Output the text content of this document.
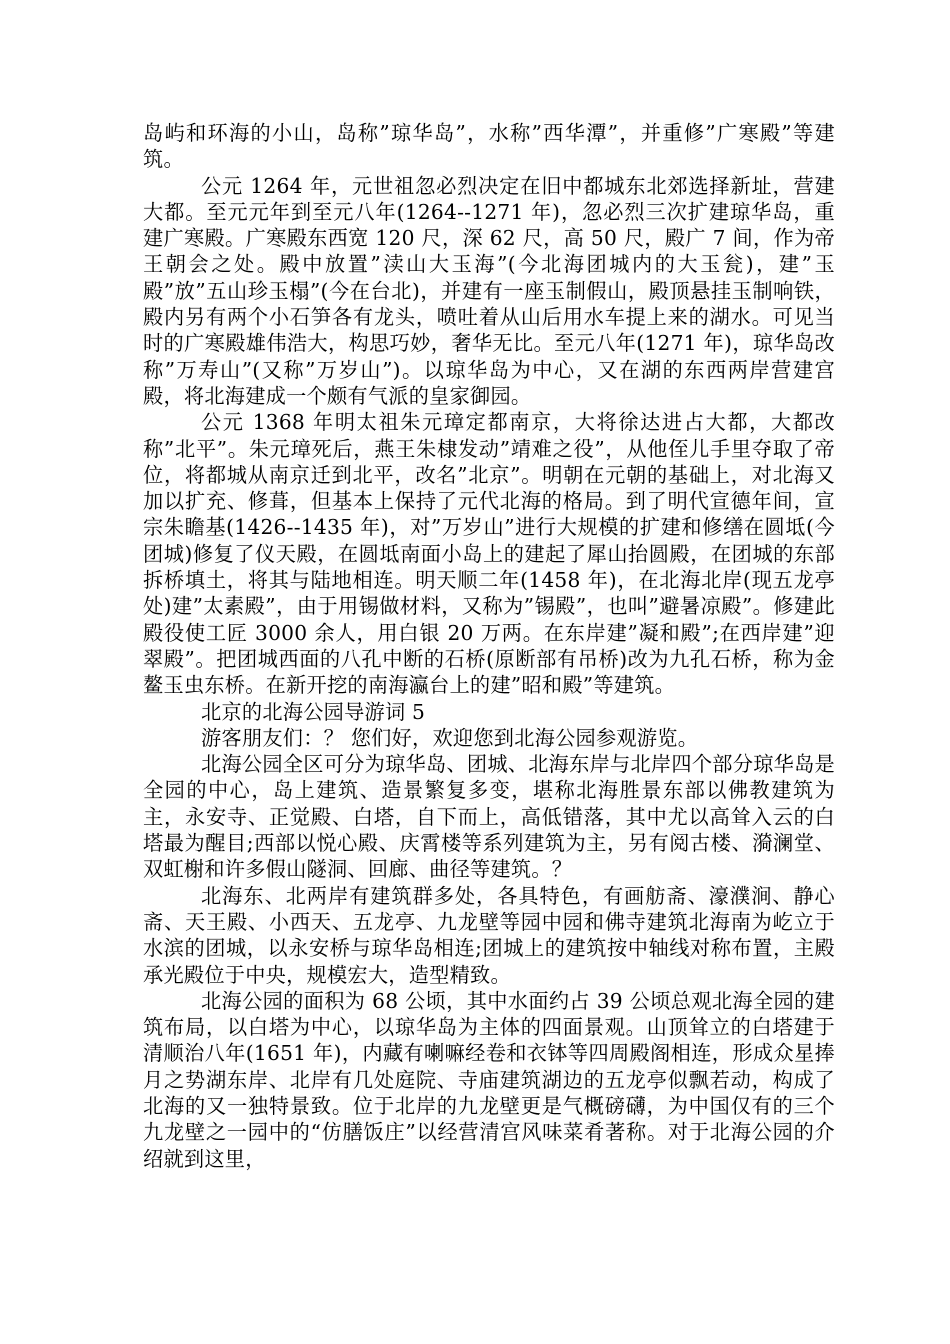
岛屿和环海的小山，岛称”琼华岛”，水称”西华潭”，并重修”广寒殿”等建筑。

公元 1264 年，元世祖忽必烈决定在旧中都城东北郊选择新址，营建大都。至元元年到至元八年(1264--1271 年)，忽必烈三次扩建琼华岛，重建广寒殿。广寒殿东西宽 120 尺，深 62 尺，高 50 尺，殿广 7 间，作为帝王朝会之处。殿中放置”渎山大玉海”(今北海团城内的大玉瓮)，建”玉殿”放”五山珍玉榻”(今在台北)，并建有一座玉制假山，殿顶悬挂玉制响铁，殿内另有两个小石笋各有龙头，喷吐着从山后用水车提上来的湖水。可见当时的广寒殿雄伟浩大，构思巧妙，奢华无比。至元八年(1271 年)，琼华岛改称”万寿山”(又称”万岁山”)。以琼华岛为中心，又在湖的东西两岸营建宫殿，将北海建成一个颇有气派的皇家御园。

公元 1368 年明太祖朱元璋定都南京，大将徐达进占大都，大都改称”北平”。朱元璋死后，燕王朱棣发动”靖难之役”，从他侄儿手里夺取了帝位，将都城从南京迁到北平，改名”北京”。明朝在元朝的基础上，对北海又加以扩充、修葺，但基本上保持了元代北海的格局。到了明代宣德年间，宣宗朱瞻基(1426--1435 年)，对”万岁山”进行大规模的扩建和修缮在圆坻(今团城)修复了仪天殿，在圆坻南面小岛上的建起了犀山抬圆殿，在团城的东部拆桥填土，将其与陆地相连。明天顺二年(1458 年)，在北海北岸(现五龙亭处)建”太素殿”，由于用锡做材料，又称为”锡殿”，也叫”避暑凉殿”。修建此殿役使工匠 3000 余人，用白银 20 万两。在东岸建”凝和殿”;在西岸建”迎翠殿”。把团城西面的八孔中断的石桥(原断部有吊桥)改为九孔石桥，称为金鳌玉虫东桥。在新开挖的南海瀛台上的建”昭和殿”等建筑。

北京的北海公园导游词 5

游客朋友们：？ 您们好，欢迎您到北海公园参观游览。

北海公园全区可分为琼华岛、团城、北海东岸与北岸四个部分琼华岛是全园的中心，岛上建筑、造景繁复多变，堪称北海胜景东部以佛教建筑为主，永安寺、正觉殿、白塔，自下而上，高低错落，其中尤以高耸入云的白塔最为醒目;西部以悦心殿、庆霄楼等系列建筑为主，另有阅古楼、漪澜堂、双虹榭和许多假山隧洞、回廊、曲径等建筑。？

北海东、北两岸有建筑群多处，各具特色，有画舫斋、濠濮涧、静心斋、天王殿、小西天、五龙亭、九龙壁等园中园和佛寺建筑北海南为屹立于水滨的团城，以永安桥与琼华岛相连;团城上的建筑按中轴线对称布置，主殿承光殿位于中央，规模宏大，造型精致。

北海公园的面积为 68 公顷，其中水面约占 39 公顷总观北海全园的建筑布局，以白塔为中心，以琼华岛为主体的四面景观。山顶耸立的白塔建于清顺治八年(1651 年)，内藏有喇嘛经卷和衣钵等四周殿阁相连，形成众星捧月之势湖东岸、北岸有几处庭院、寺庙建筑湖边的五龙亭似飘若动，构成了北海的又一独特景致。位于北岸的九龙壁更是气概磅礴，为中国仅有的三个九龙壁之一园中的“仿膳饭庄”以经营清宫风味菜肴著称。对于北海公园的介绍就到这里，
